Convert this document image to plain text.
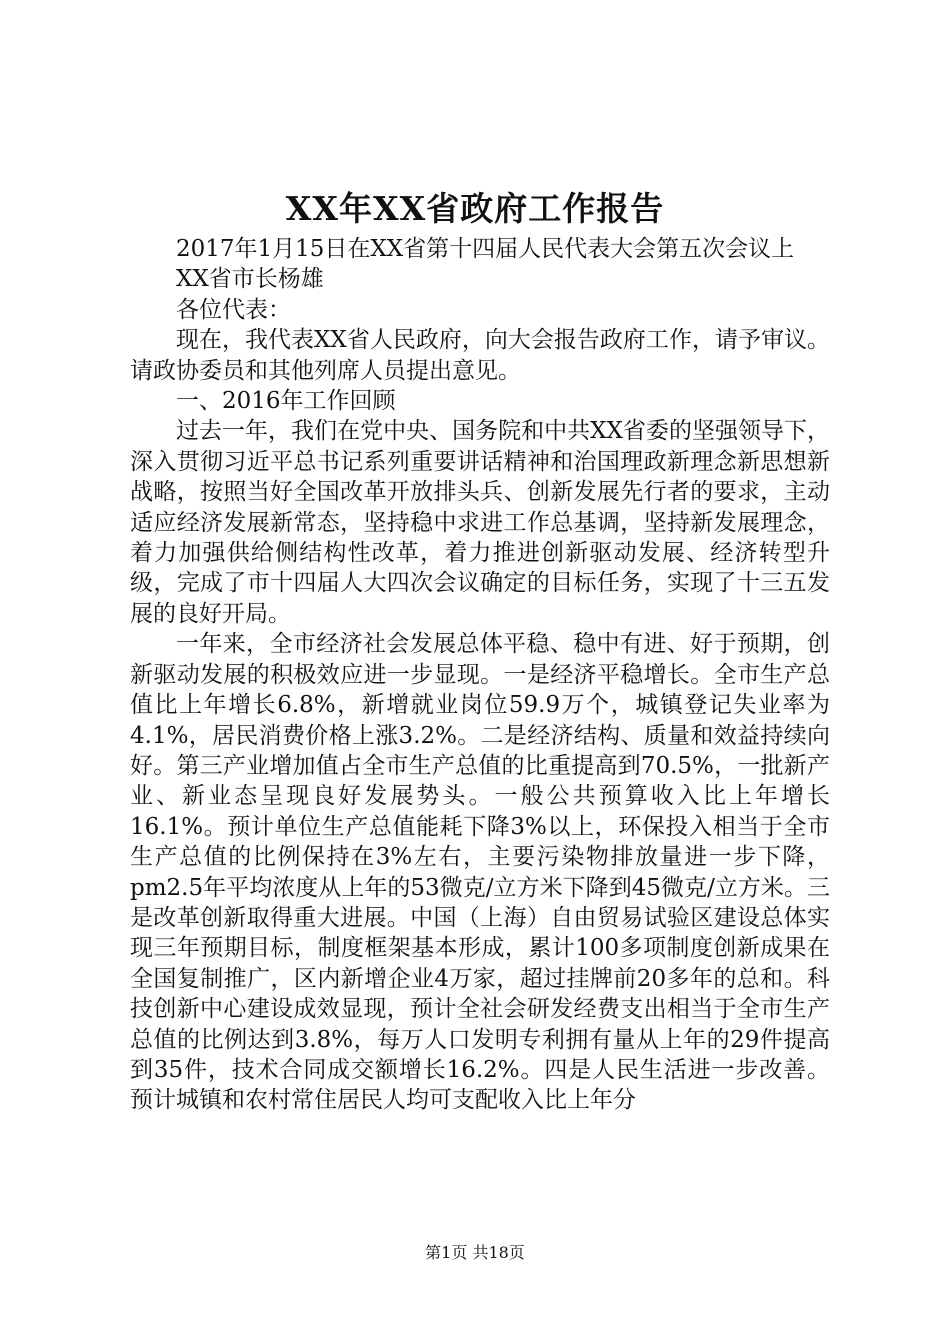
XX年XX省政府工作报告

2017年1月15日在XX省第十四届人民代表大会第五次会议上

XX省市长杨雄

各位代表：

现在，我代表XX省人民政府，向大会报告政府工作，请予审议。请政协委员和其他列席人员提出意见。

一、2016年工作回顾

过去一年，我们在党中央、国务院和中共XX省委的坚强领导下，深入贯彻习近平总书记系列重要讲话精神和治国理政新理念新思想新战略，按照当好全国改革开放排头兵、创新发展先行者的要求，主动适应经济发展新常态，坚持稳中求进工作总基调，坚持新发展理念，着力加强供给侧结构性改革，着力推进创新驱动发展、经济转型升级，完成了市十四届人大四次会议确定的目标任务，实现了十三五发展的良好开局。

一年来，全市经济社会发展总体平稳、稳中有进、好于预期，创新驱动发展的积极效应进一步显现。一是经济平稳增长。全市生产总值比上年增长6.8%，新增就业岗位59.9万个，城镇登记失业率为4.1%，居民消费价格上涨3.2%。二是经济结构、质量和效益持续向好。第三产业增加值占全市生产总值的比重提高到70.5%，一批新产业、新业态呈现良好发展势头。一般公共预算收入比上年增长16.1%。预计单位生产总值能耗下降3%以上，环保投入相当于全市生产总值的比例保持在3%左右，主要污染物排放量进一步下降，pm2.5年平均浓度从上年的53微克/立方米下降到45微克/立方米。三是改革创新取得重大进展。中国（上海）自由贸易试验区建设总体实现三年预期目标，制度框架基本形成，累计100多项制度创新成果在全国复制推广，区内新增企业4万家，超过挂牌前20多年的总和。科技创新中心建设成效显现，预计全社会研发经费支出相当于全市生产总值的比例达到3.8%，每万人口发明专利拥有量从上年的29件提高到35件，技术合同成交额增长16.2%。四是人民生活进一步改善。预计城镇和农村常住居民人均可支配收入比上年分

第1页 共18页
